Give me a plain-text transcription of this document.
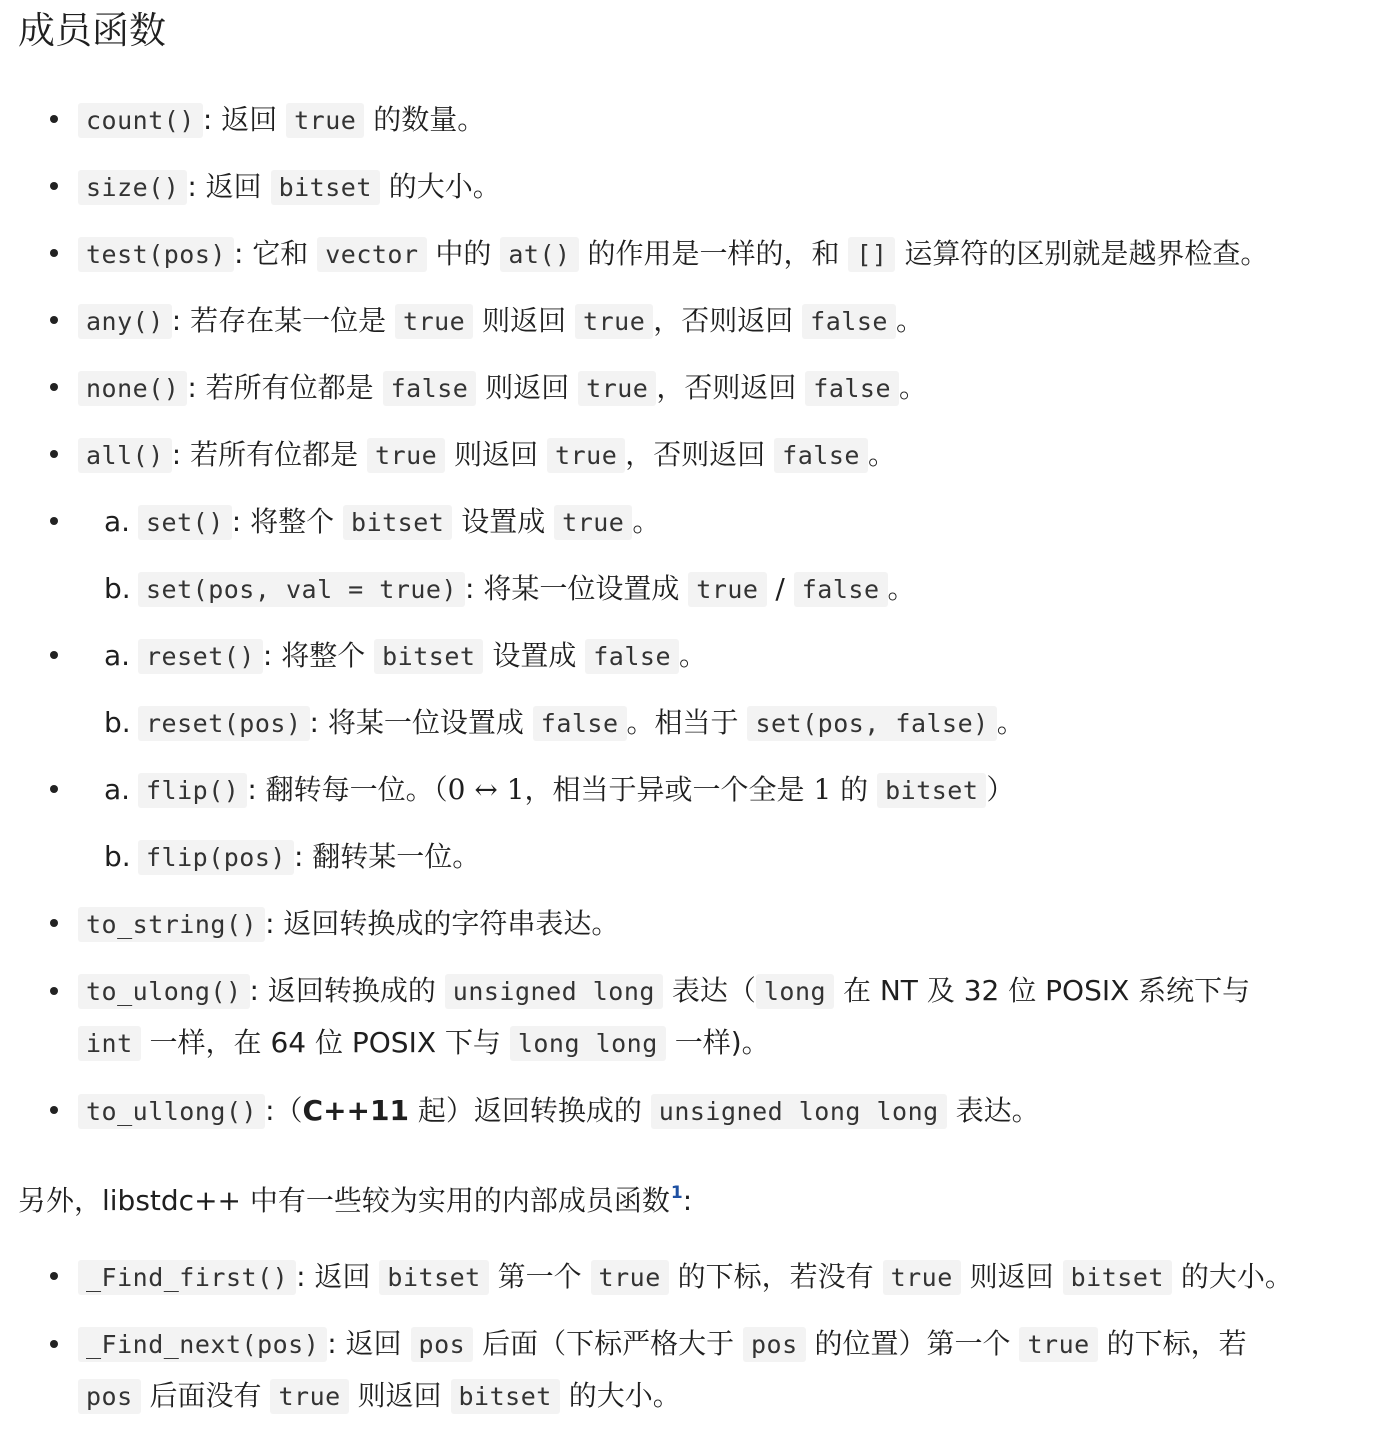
成员函数
count() : 返回 true 的数量。
size() : 返回 bitset 的大小。
test(pos) : 它和 vector 中的 at() 的作用是一样的，和 [] 运算符的区别就是越界检查。
any() : 若存在某一位是 true 则返回 true ，否则返回 false 。
none() : 若所有位都是 false 则返回 true ，否则返回 false 。
all() : 若所有位都是 true 则返回 true ，否则返回 false 。
a. set() : 将整个 bitset 设置成 true 。
b. set(pos, val = true) : 将某一位设置成 true / false 。
a. reset() : 将整个 bitset 设置成 false 。
b. reset(pos) : 将某一位设置成 false 。相当于 set(pos, false) 。
a. flip() : 翻转每一位。（0 ↔ 1，相当于异或一个全是 1 的 bitset ）
b. flip(pos) : 翻转某一位。
to_string() : 返回转换成的字符串表达。
to_ulong() : 返回转换成的 unsigned long 表达（ long 在 NT 及 32 位 POSIX 系统下与
int 一样，在 64 位 POSIX 下与 long long 一样)。
to_ullong() :（C++11 起）返回转换成的 unsigned long long 表达。
另外，libstdc++ 中有一些较为实用的内部成员函数$^1$:
_Find_first() : 返回 bitset 第一个 true 的下标，若没有 true 则返回 bitset 的大小。
_Find_next(pos) : 返回 pos 后面（下标严格大于 pos 的位置）第一个 true 的下标，若
pos 后面没有 true 则返回 bitset 的大小。
